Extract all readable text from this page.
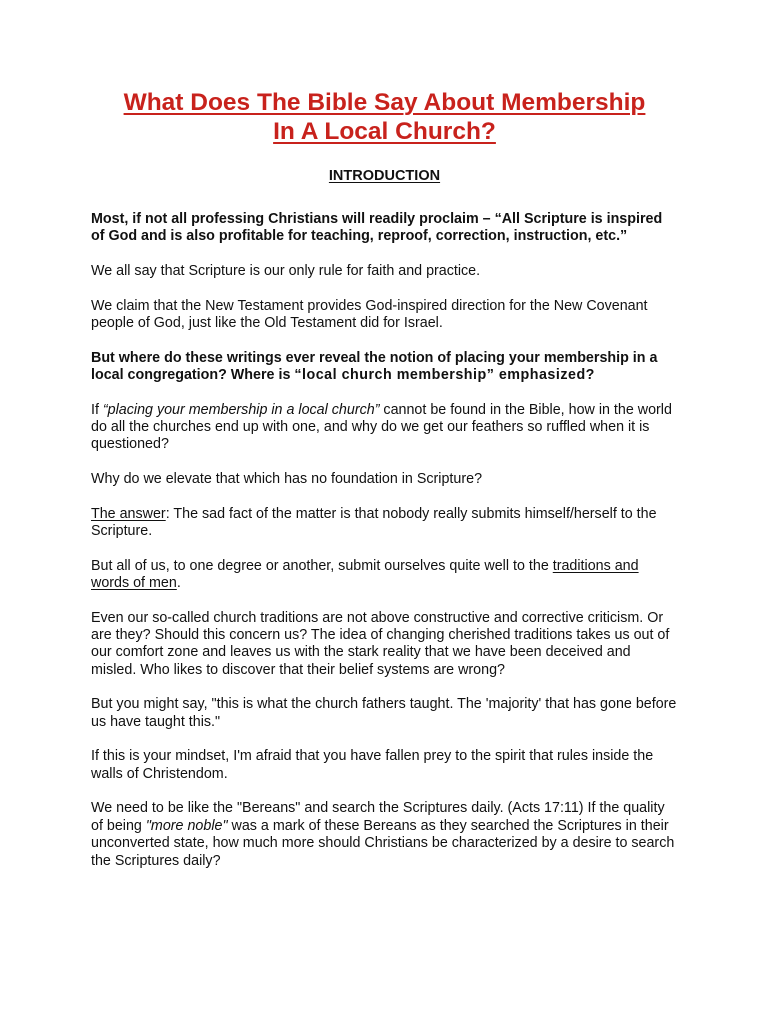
What Does The Bible Say About Membership
In A Local Church?
INTRODUCTION

Most, if not all professing Christians will readily proclaim – “All Scripture is inspired of God and is also profitable for teaching, reproof, correction, instruction, etc.”

We all say that Scripture is our only rule for faith and practice.

We claim that the New Testament provides God-inspired direction for the New Covenant people of God, just like the Old Testament did for Israel.

But where do these writings ever reveal the notion of placing your membership in a local congregation? Where is “local church membership” emphasized?

If “placing your membership in a local church” cannot be found in the Bible, how in the world do all the churches end up with one, and why do we get our feathers so ruffled when it is questioned?

Why do we elevate that which has no foundation in Scripture?

The answer: The sad fact of the matter is that nobody really submits himself/herself to the Scripture.

But all of us, to one degree or another, submit ourselves quite well to the traditions and words of men.

Even our so-called church traditions are not above constructive and corrective criticism. Or are they? Should this concern us? The idea of changing cherished traditions takes us out of our comfort zone and leaves us with the stark reality that we have been deceived and misled. Who likes to discover that their belief systems are wrong?

But you might say, "this is what the church fathers taught. The 'majority' that has gone before us have taught this."

If this is your mindset, I'm afraid that you have fallen prey to the spirit that rules inside the walls of Christendom.

We need to be like the "Bereans" and search the Scriptures daily. (Acts 17:11) If the quality of being "more noble" was a mark of these Bereans as they searched the Scriptures in their unconverted state, how much more should Christians be characterized by a desire to search the Scriptures daily?
